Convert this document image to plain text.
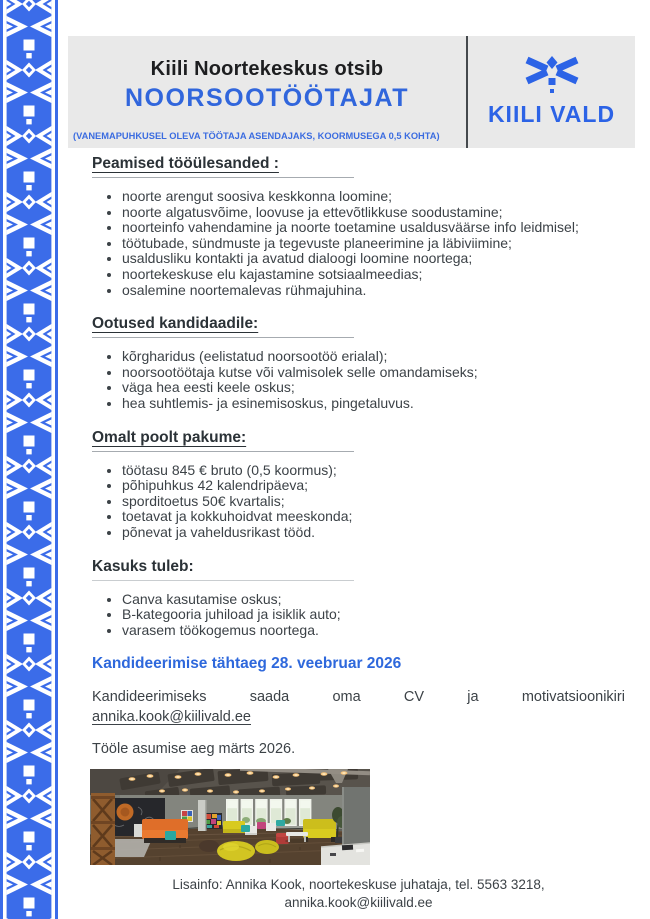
Kiili Noortekeskus otsib
NOORSOOTÖÖTAJAT
(VANEMAPUHKUSEL OLEVA TÖÖTAJA ASENDAJAKS, KOORMUSEGA 0,5 KOHTA)
KIILI VALD
Peamised tööülesanded :
• noorte arengut soosiva keskkonna loomine;
• noorte algatusvõime, loovuse ja ettevõtlikkuse soodustamine;
• noorteinfo vahendamine ja noorte toetamine usaldusväärse info leidmisel;
• töötubade, sündmuste ja tegevuste planeerimine ja läbiviimine;
• usaldusliku kontakti ja avatud dialoogi loomine noortega;
• noortekeskuse elu kajastamine sotsiaalmeedias;
• osalemine noortemalevas rühmajuhina.
Ootused kandidaadile:
• kõrgharidus (eelistatud noorsootöö erialal);
• noorsootöötaja kutse või valmisolek selle omandamiseks;
• väga hea eesti keele oskus;
• hea suhtlemis- ja esinemisoskus, pingetaluvus.
Omalt poolt pakume:
• töötasu 845 € bruto (0,5 koormus);
• põhipuhkus 42 kalendripäeva;
• sporditoetus 50€ kvartalis;
• toetavat ja kokkuhoidvat meeskonda;
• põnevat ja vaheldusrikast tööd.
Kasuks tuleb:
• Canva kasutamise oskus;
• B-kategooria juhiload ja isiklik auto;
• varasem töökogemus noortega.
Kandideerimise tähtaeg 28. veebruar 2026
Kandideerimiseks	saada	oma	CV	ja	motivatsioonikiri
annika.kook@kiilivald.ee
Tööle asumise aeg märts 2026.
Lisainfo: Annika Kook, noortekeskuse juhataja, tel. 5563 3218,
annika.kook@kiilivald.ee
